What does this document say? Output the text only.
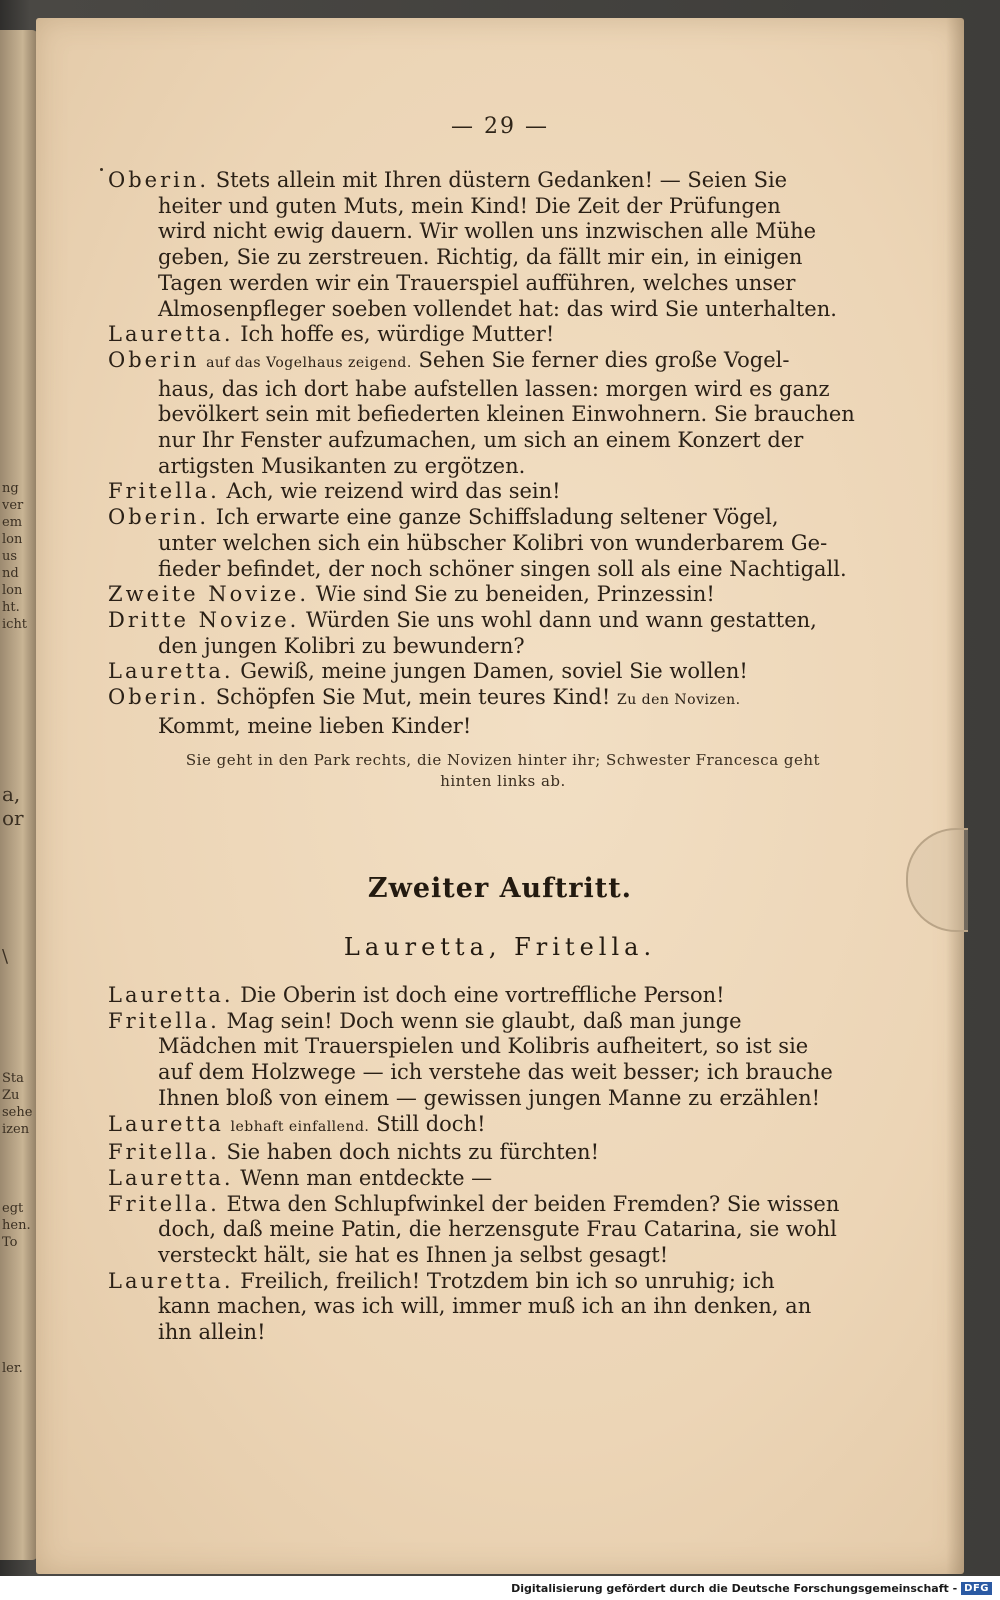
ng
ver
em
lon
us
nd
lon
ht.
icht
a,
or
\
Sta
Zu
sehe
izen
egt
hen.
To
ler.
— 29 —
Oberin. Stets allein mit Ihren düstern Gedanken! — Seien Sie
heiter und guten Muts, mein Kind! Die Zeit der Prüfungen
wird nicht ewig dauern. Wir wollen uns inzwischen alle Mühe
geben, Sie zu zerstreuen. Richtig, da fällt mir ein, in einigen
Tagen werden wir ein Trauerspiel aufführen, welches unser
Almosenpfleger soeben vollendet hat: das wird Sie unterhalten.
Lauretta. Ich hoffe es, würdige Mutter!
Oberin auf das Vogelhaus zeigend. Sehen Sie ferner dies große Vogel-
haus, das ich dort habe aufstellen lassen: morgen wird es ganz
bevölkert sein mit befiederten kleinen Einwohnern. Sie brauchen
nur Ihr Fenster aufzumachen, um sich an einem Konzert der
artigsten Musikanten zu ergötzen.
Fritella. Ach, wie reizend wird das sein!
Oberin. Ich erwarte eine ganze Schiffsladung seltener Vögel,
unter welchen sich ein hübscher Kolibri von wunderbarem Ge-
fieder befindet, der noch schöner singen soll als eine Nachtigall.
Zweite Novize. Wie sind Sie zu beneiden, Prinzessin!
Dritte Novize. Würden Sie uns wohl dann und wann gestatten,
den jungen Kolibri zu bewundern?
Lauretta. Gewiß, meine jungen Damen, soviel Sie wollen!
Oberin. Schöpfen Sie Mut, mein teures Kind! Zu den Novizen.
Kommt, meine lieben Kinder!
Sie geht in den Park rechts, die Novizen hinter ihr; Schwester Francesca geht
hinten links ab.
Zweiter Auftritt.
Lauretta, Fritella.
Lauretta. Die Oberin ist doch eine vortreffliche Person!
Fritella. Mag sein! Doch wenn sie glaubt, daß man junge
Mädchen mit Trauerspielen und Kolibris aufheitert, so ist sie
auf dem Holzwege — ich verstehe das weit besser; ich brauche
Ihnen bloß von einem — gewissen jungen Manne zu erzählen!
Lauretta lebhaft einfallend. Still doch!
Fritella. Sie haben doch nichts zu fürchten!
Lauretta. Wenn man entdeckte —
Fritella. Etwa den Schlupfwinkel der beiden Fremden? Sie wissen
doch, daß meine Patin, die herzensgute Frau Catarina, sie wohl
versteckt hält, sie hat es Ihnen ja selbst gesagt!
Lauretta. Freilich, freilich! Trotzdem bin ich so unruhig; ich
kann machen, was ich will, immer muß ich an ihn denken, an
ihn allein!
Digitalisierung gefördert durch die Deutsche Forschungsgemeinschaft - DFG
